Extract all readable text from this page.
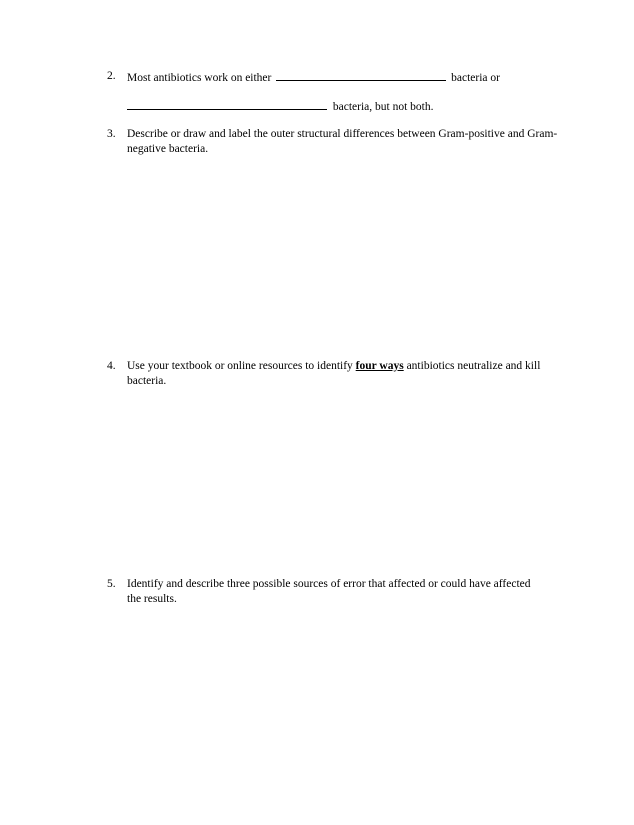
2. Most antibiotics work on either	bacteria or
bacteria, but not both.
3. Describe or draw and label the outer structural differences between Gram-positive and Gram-negative bacteria.
4. Use your textbook or online resources to identify four ways antibiotics neutralize and kill bacteria.
5. Identify and describe three possible sources of error that affected or could have affected the results.
